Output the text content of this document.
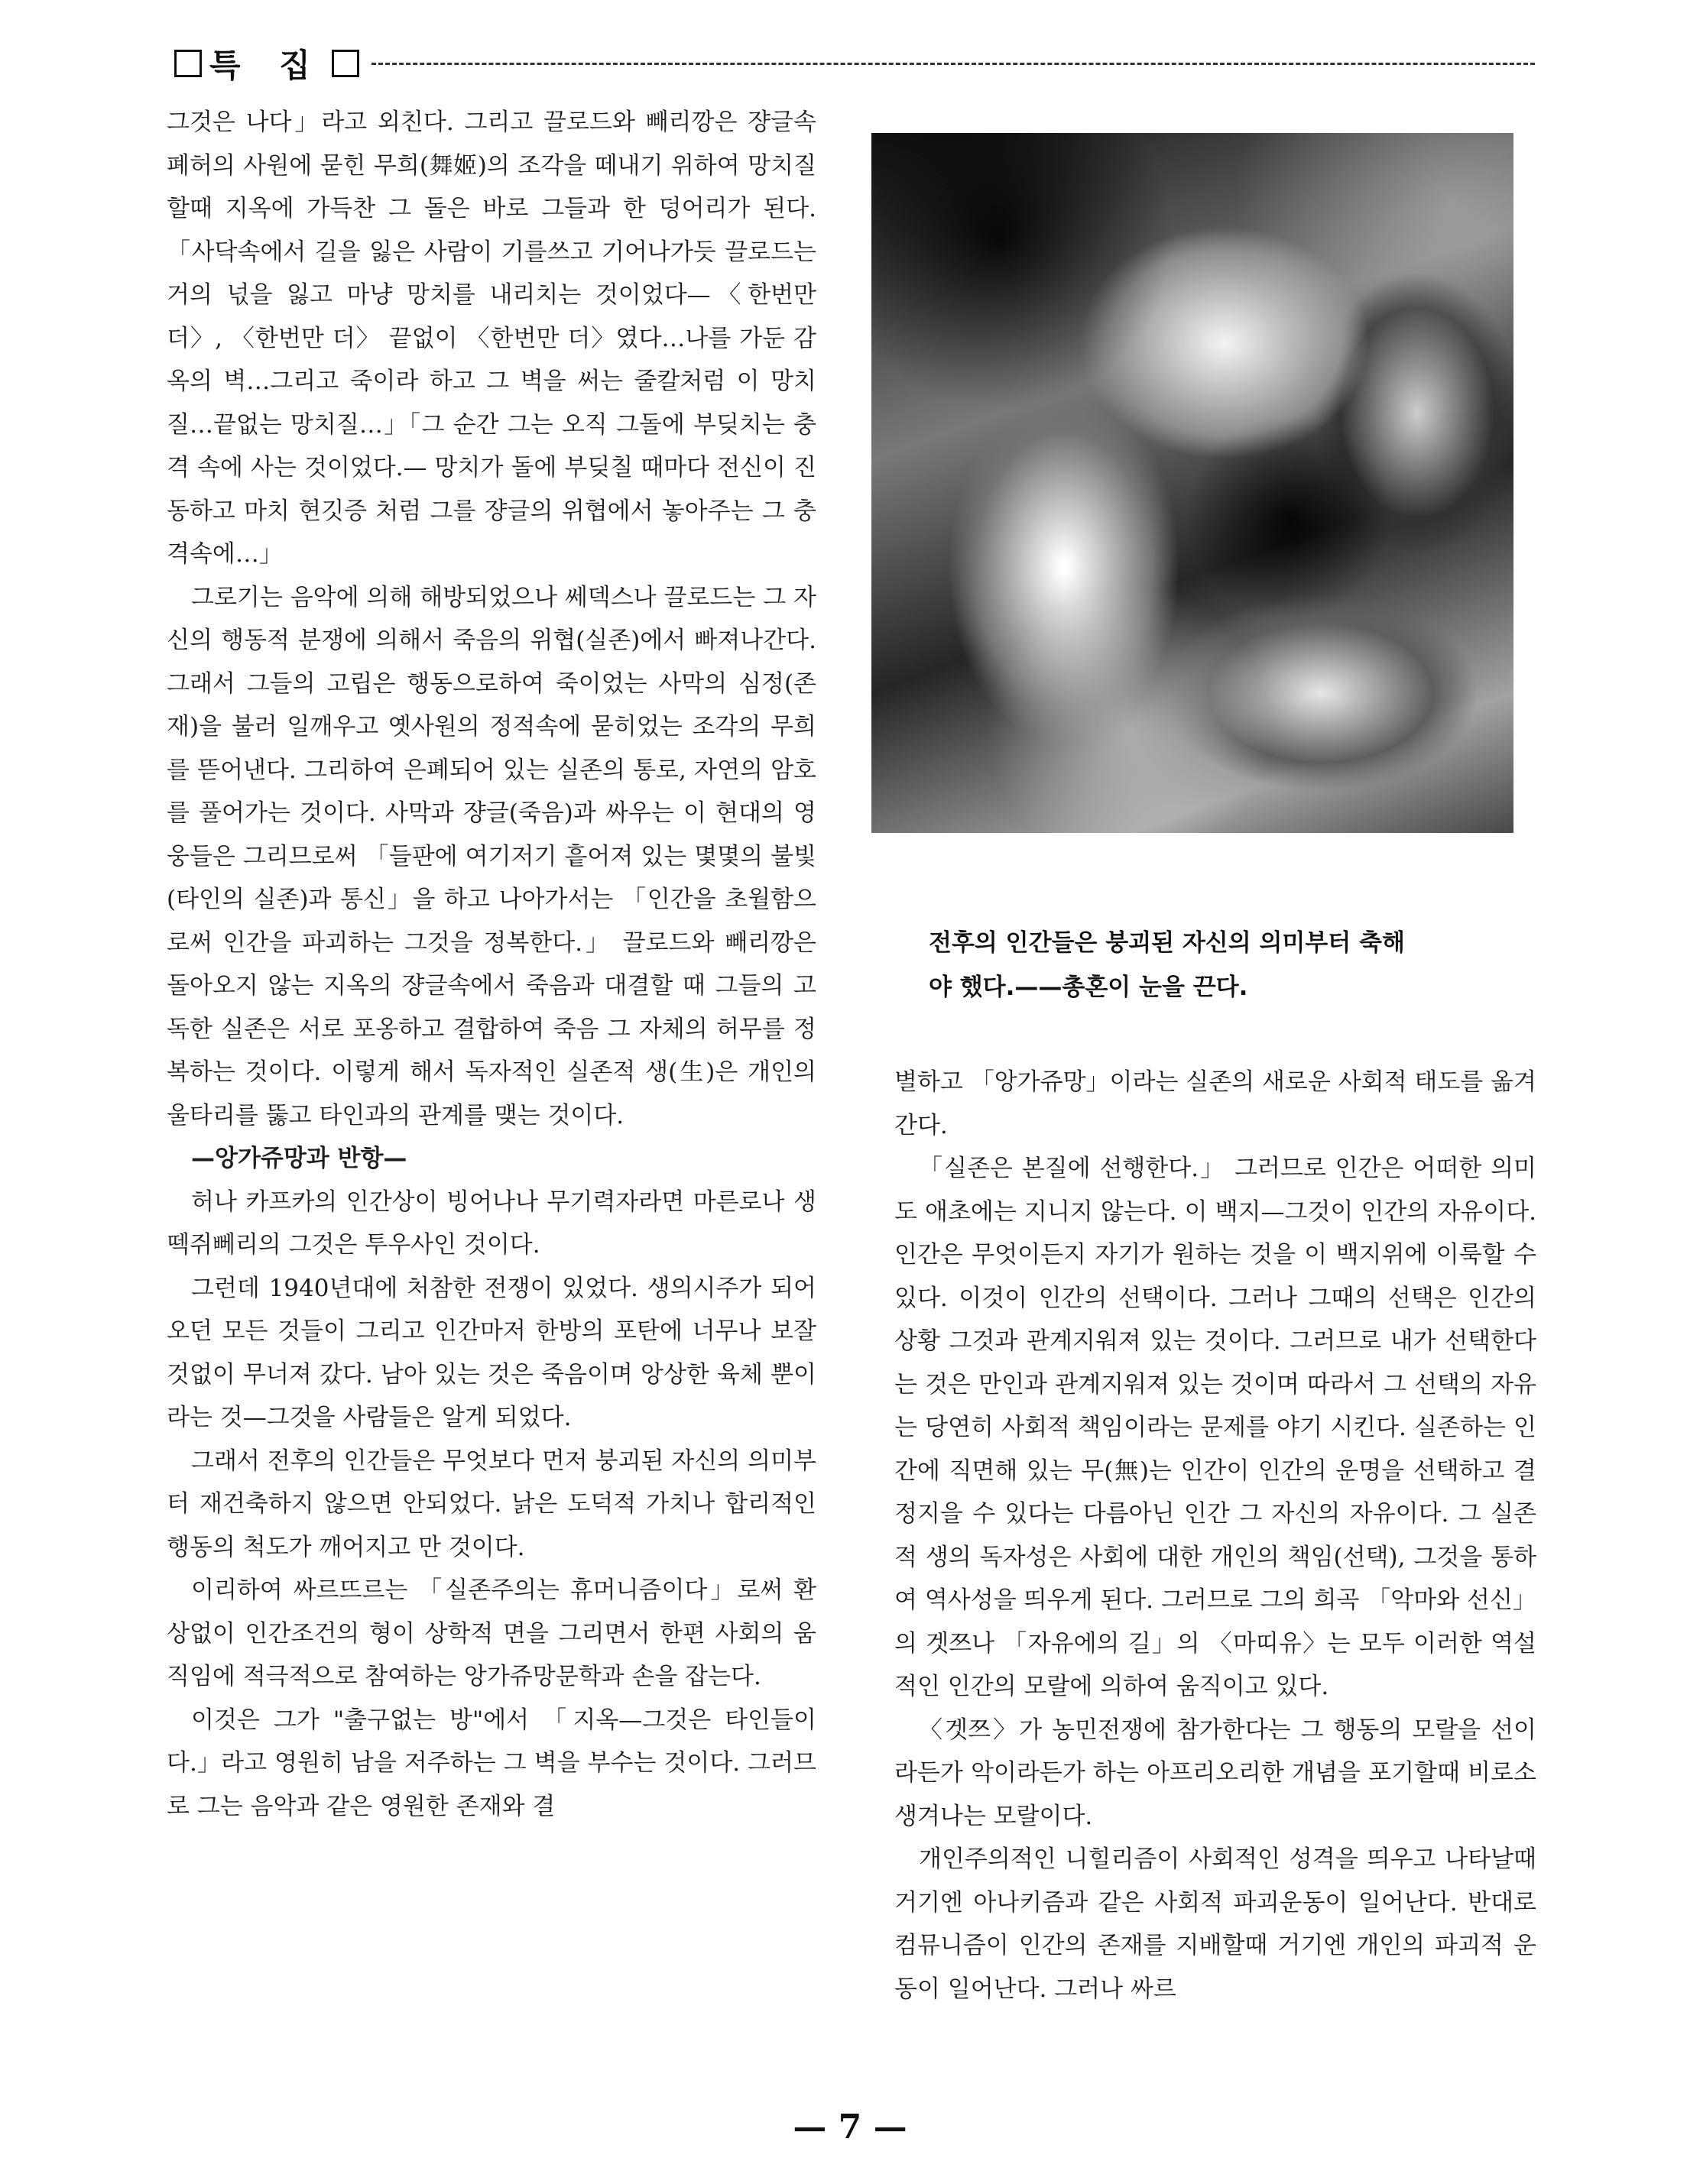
특 집

그것은 나다」라고 외친다. 그리고 끌로드와 빼리깡은 쟝글속 폐허의 사원에 묻힌 무희(舞姬)의 조각을 떼내기 위하여 망치질 할때 지옥에 가득찬 그 돌은 바로 그들과 한 덩어리가 된다. 「사닥속에서 길을 잃은 사람이 기를쓰고 기어나가듯 끌로드는 거의 넋을 잃고 마냥 망치를 내리치는 것이었다—〈한번만 더〉, 〈한번만 더〉 끝없이 〈한번만 더〉였다…나를 가둔 감옥의 벽…그리고 죽이라 하고 그 벽을 써는 줄칼처럼 이 망치질…끝없는 망치질…」「그 순간 그는 오직 그돌에 부딪치는 충격 속에 사는 것이었다.— 망치가 돌에 부딪칠 때마다 전신이 진동하고 마치 현깃증 처럼 그를 쟝글의 위협에서 놓아주는 그 충격속에…」

그로기는 음악에 의해 해방되었으나 쎄덱스나 끌로드는 그 자신의 행동적 분쟁에 의해서 죽음의 위협(실존)에서 빠져나간다. 그래서 그들의 고립은 행동으로하여 죽이었는 사막의 심정(존재)을 불러 일깨우고 옛사원의 정적속에 묻히었는 조각의 무희를 뜯어낸다. 그리하여 은폐되어 있는 실존의 통로, 자연의 암호를 풀어가는 것이다. 사막과 쟝글(죽음)과 싸우는 이 현대의 영웅들은 그리므로써 「들판에 여기저기 흩어져 있는 몇몇의 불빛 (타인의 실존)과 통신」을 하고 나아가서는 「인간을 초월함으로써 인간을 파괴하는 그것을 정복한다.」 끌로드와 빼리깡은 돌아오지 않는 지옥의 쟝글속에서 죽음과 대결할 때 그들의 고독한 실존은 서로 포옹하고 결합하여 죽음 그 자체의 허무를 정복하는 것이다. 이렇게 해서 독자적인 실존적 생(生)은 개인의 울타리를 뚫고 타인과의 관계를 맺는 것이다.

—앙가쥬망과 반항—

허나 카프카의 인간상이 빙어나나 무기력자라면 마른로나 생떽쥐뻬리의 그것은 투우사인 것이다.

그런데 1940년대에 처참한 전쟁이 있었다. 생의시주가 되어오던 모든 것들이 그리고 인간마저 한방의 포탄에 너무나 보잘것없이 무너져 갔다. 남아 있는 것은 죽음이며 앙상한 육체 뿐이라는 것—그것을 사람들은 알게 되었다.

그래서 전후의 인간들은 무엇보다 먼저 붕괴된 자신의 의미부터 재건축하지 않으면 안되었다. 낡은 도덕적 가치나 합리적인 행동의 척도가 깨어지고 만 것이다.

이리하여 싸르뜨르는 「실존주의는 휴머니즘이다」로써 환상없이 인간조건의 형이 상학적 면을 그리면서 한편 사회의 움직임에 적극적으로 참여하는 앙가쥬망문학과 손을 잡는다.

이것은 그가 "출구없는 방"에서 「지옥—그것은 타인들이다.」라고 영원히 남을 저주하는 그 벽을 부수는 것이다. 그러므로 그는 음악과 같은 영원한 존재와 결

전후의 인간들은 붕괴된 자신의 의미부터 축해
야 했다.——총혼이 눈을 끈다.

별하고 「앙가쥬망」이라는 실존의 새로운 사회적 태도를 옮겨간다.

「실존은 본질에 선행한다.」 그러므로 인간은 어떠한 의미도 애초에는 지니지 않는다. 이 백지—그것이 인간의 자유이다. 인간은 무엇이든지 자기가 원하는 것을 이 백지위에 이룩할 수 있다. 이것이 인간의 선택이다. 그러나 그때의 선택은 인간의 상황 그것과 관계지워져 있는 것이다. 그러므로 내가 선택한다는 것은 만인과 관계지워져 있는 것이며 따라서 그 선택의 자유는 당연히 사회적 책임이라는 문제를 야기 시킨다. 실존하는 인간에 직면해 있는 무(無)는 인간이 인간의 운명을 선택하고 결정지을 수 있다는 다름아닌 인간 그 자신의 자유이다. 그 실존적 생의 독자성은 사회에 대한 개인의 책임(선택), 그것을 통하여 역사성을 띄우게 된다. 그러므로 그의 희곡 「악마와 선신」의 겟쯔나 「자유에의 길」의 〈마띠유〉는 모두 이러한 역설적인 인간의 모랄에 의하여 움직이고 있다.

〈겟쯔〉가 농민전쟁에 참가한다는 그 행동의 모랄을 선이라든가 악이라든가 하는 아프리오리한 개념을 포기할때 비로소 생겨나는 모랄이다.

개인주의적인 니힐리즘이 사회적인 성격을 띄우고 나타날때 거기엔 아나키즘과 같은 사회적 파괴운동이 일어난다. 반대로 컴뮤니즘이 인간의 존재를 지배할때 거기엔 개인의 파괴적 운동이 일어난다. 그러나 싸르

— 7 —
